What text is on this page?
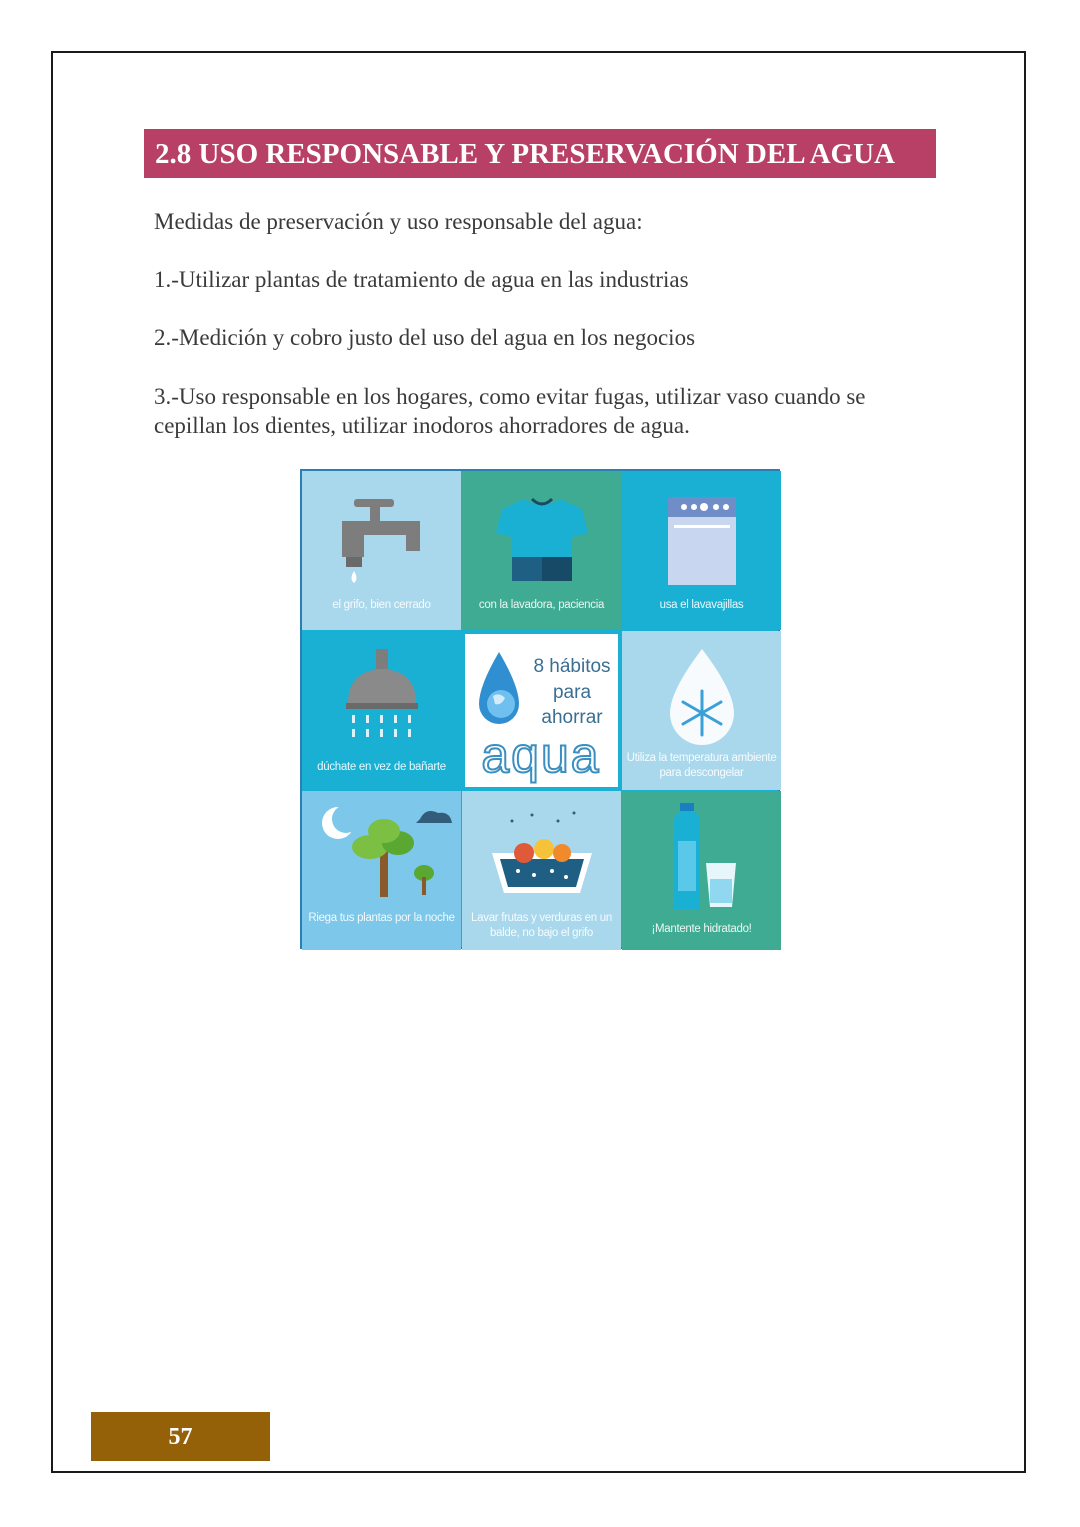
2.8 USO RESPONSABLE Y PRESERVACIÓN DEL AGUA

Medidas de preservación y uso responsable del agua:

1.-Utilizar plantas de tratamiento de agua en las industrias

2.-Medición y cobro justo del uso del agua en los negocios

3.-Uso responsable en los hogares, como evitar fugas, utilizar vaso cuando se cepillan los dientes, utilizar inodoros ahorradores de agua.

el grifo, bien cerrado	con la lavadora, paciencia	usa el lavavajillas
dúchate en vez de bañarte
8 hábitos
para
ahorrar
aqua	Utiliza la temperatura ambiente para descongelar
Riega tus plantas por la noche	Lavar frutas y verduras en un balde, no bajo el grifo	¡Mantente hidratado!
57
